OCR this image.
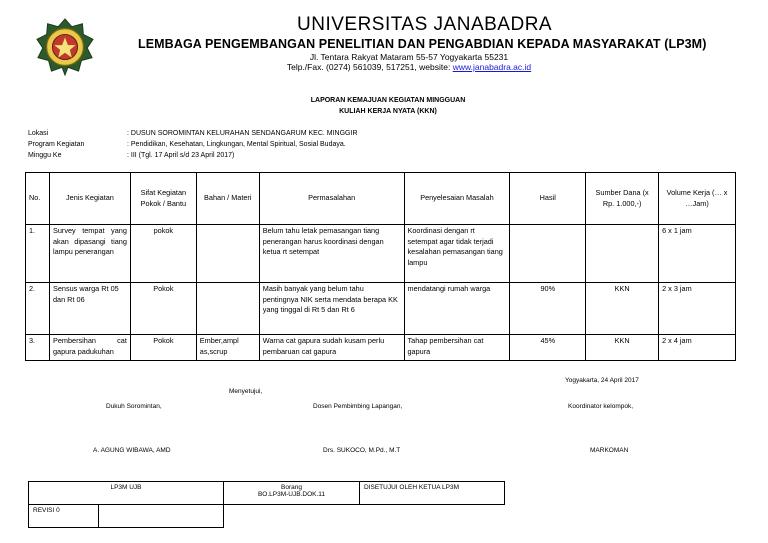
UNIVERSITAS JANABADRA
LEMBAGA PENGEMBANGAN PENELITIAN DAN PENGABDIAN KEPADA MASYARAKAT (LP3M)
Jl. Tentara Rakyat Mataram 55-57 Yogyakarta 55231
Telp./Fax. (0274) 561039, 517251, website: www.janabadra.ac.id
LAPORAN KEMAJUAN KEGIATAN MINGGUAN
KULIAH KERJA NYATA (KKN)
Lokasi	: DUSUN SOROMINTAN KELURAHAN SENDANGARUM KEC. MINGGIR
Program Kegiatan	: Pendidikan, Kesehatan, Lingkungan, Mental Spiritual, Sosial Budaya.
Minggu Ke	: III (Tgl. 17 April s/d 23 April 2017)
No.	Jenis Kegiatan	Sifat Kegiatan Pokok / Bantu	Bahan / Materi	Permasalahan	Penyelesaian Masalah	Hasil	Sumber Dana (x Rp. 1.000,-)	Volume Kerja (… x …Jam)
1.	Survey tempat yang akan dipasangi tiang lampu penerangan	pokok		Belum tahu letak pemasangan tiang penerangan harus koordinasi dengan ketua rt setempat	Koordinasi dengan rt setempat agar tidak terjadi kesalahan pemasangan tiang lampu			6 x 1 jam
2.	Sensus warga Rt 05 dan Rt 06	Pokok		Masih banyak yang belum tahu pentingnya NIK serta mendata berapa KK yang tinggal di Rt 5 dan Rt 6	mendatangi rumah warga	90%	KKN	2 x 3 jam
3.	Pembersihan cat gapura padukuhan	Pokok	Ember,ampl as,scrup	Warna cat gapura sudah kusam perlu pembaruan cat gapura	Tahap pembersihan cat gapura	45%	KKN	2 x 4 jam
Yogyakarta, 24 April 2017
Menyetujui,
Dukuh Soromintan,	Dosen Pembimbing Lapangan,	Koordinator kelompok,
A. AGUNG WIBAWA, AMD	Drs. SUKOCO, M.Pd., M.T	MARKOMAN
LP3M UJB		Borang
BO.LP3M-UJB.DOK.11	DISETUJUI OLEH KETUA LP3M
REVISI 0			
